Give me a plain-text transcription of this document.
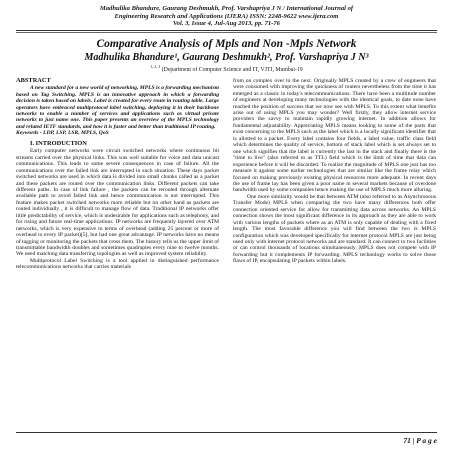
Madhulika Bhandure, Gaurang Deshmukh, Prof. Varshapriya J N / International Journal of
Engineering Research and Applications (IJERA) ISSN: 2248-9622 www.ijera.com
Vol. 3, Issue 4, Jul-Aug 2013, pp. 71-76
Comparative Analysis of Mpls and Non -Mpls Network
Madhulika Bhandure¹, Gaurang Deshmukh², Prof. Varshapriya J N³
$^{1, 2, 3}$ (Department of Computer Science and IT, VJTI, Mumbai-19
ABSTRACT

A new standard for a new world of networking, MPLS is a forwarding mechanism based on Tag Switching. MPLS is an innovative approach in which a forwarding decision is taken based on labels. Label is created for every route in routing table. Large operators have embraced multiprotocol label switching, deploying it in their backbone networks to enable a number of services and applications such as virtual private networks to just name one. This paper presents an overview of the MPLS technology and related IETF standards, and how it is faster and better than traditional IP routing.

Keywords - LDP, LSP, LSR, MPLS, QoS

I. INTRODUCTION

Early computer networks were circuit switched networks where continuous bit streams carried over the physical links. This was well suitable for voice and data unicast communications. This leads to some severe consequences in case of failure. All the communications over the failed link are interrupted in such situation. These days packet switched networks are used in which data is divided into small chunks called as a packet and these packets are routed over the communication links. Different packets can take different paths. In case of link failure , the packets can be rerouted through alternate available path to avoid failed link and hence communication is not interrupted. This feature makes packet switched networks more reliable but on other hand as packets are routed individually , it is difficult to manage flow of data. Traditional IP networks offer little predictability of service, which is undesirable for applications such as telephony, and for rising and future real-time applications. IP networks are frequently layered over ATM networks, which is very expensive in terms of overhead (adding 25 percent or more of overhead to every IP packet)[5], but had one great advantage. IP networks have no means of tagging or monitoring the packets that cross them. The history tells us the upper limit of transmittable bandwidth doubles and sometimes quadruples every nine to twelve months. We need matching data transferring topologies as well as improved system reliability.

Multiprotocol Label Switching is a tool applied in distinguished performance telecommunications networks that carries materials

from on complex over to the next. Originally MPLS created by a crew of engineers that were consumed with improving the quickness of routers nevertheless from the time it has emerged as a classic in today's telecommunications. There have been a multitude number of engineers at developing many technologies with the identical goals, to date none have reached the position of success that we now see with MPLS. To this extent what benefits arise out of using MPLS you may wonder? Well firstly, they allow internet service providers the savvy to maintain rapidly growing internet. In addition allows for fundamental adjustability. Appreciating MPLS means looking to some of the parts that exist concerning to the MPLS such as the label which is a locally significant identifier that is allotted to a packet. Every label contains four fields, a label value, traffic class field which determines the quality of service, bottom of stack label which is set always set to one which signifies that the label is currently the last in the stack and finally there is the "time to live" (also referred to as TTL) field which is the limit of time that data can experience before it will be discarded. To realize the magnitude of MPLS one just has too measure it against some earlier technologies that are similar like the frame relay which focused on making previously existing physical resources more adequate. In recent days the use of frame lay has been given a poor name in several markets because of overdone bandwidth used by some companies hence making the use of MPLS much more alluring.

One more similarity would be that between ATM (also referred to as Asynchronous Transfer Mode) MPLS when comparing the two have many differences both offer connection oriented service for allow for transmitting data across networks. An MPLS connection shows the most significant difference in its approach as they are able to work with various lengths of packets where as an ATM is only capable of dealing with a fixed length. The most favorable difference you will find between the two is MPLS configuration which was developed specifically for internet protocol MPLS are just being used only with internet protocol networks and are standard. It can connect to two facilities or can control thousands of locations simultaneously. MPLS does not compete with IP forwarding but it complements IP forwarding. MPLS technology works to solve those flaws of IP, encapsulating IP packets within labels.

71 | P a g e
